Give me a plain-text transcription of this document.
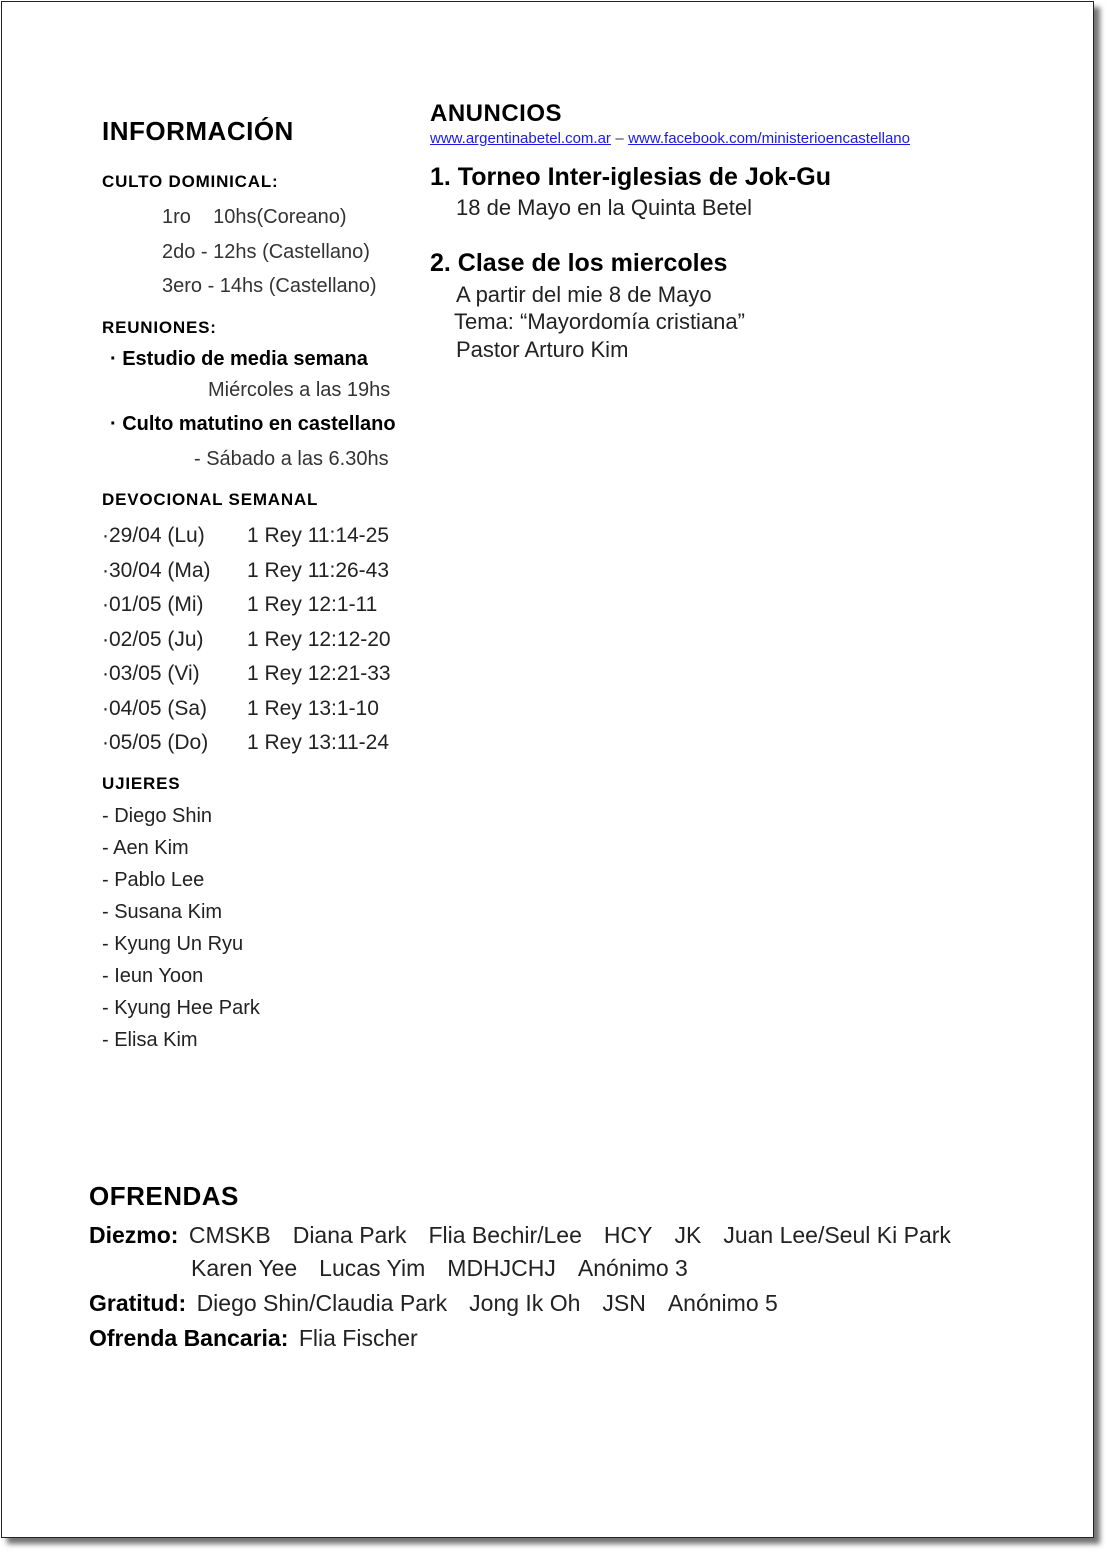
INFORMACIÓN
CULTO DOMINICAL:
1ro    10hs(Coreano)
2do - 12hs (Castellano)
3ero - 14hs (Castellano)
REUNIONES:
· Estudio de media semana
Miércoles a las 19hs
· Culto matutino en castellano
- Sábado a las 6.30hs
DEVOCIONAL SEMANAL
·29/04 (Lu) 1 Rey 11:14-25
·30/04 (Ma) 1 Rey 11:26-43
·01/05 (Mi) 1 Rey 12:1-11
·02/05 (Ju) 1 Rey 12:12-20
·03/05 (Vi) 1 Rey 12:21-33
·04/05 (Sa) 1 Rey 13:1-10
·05/05 (Do) 1 Rey 13:11-24
UJIERES
- Diego Shin
- Aen Kim
- Pablo Lee
- Susana Kim
- Kyung Un Ryu
- Ieun Yoon
- Kyung Hee Park
- Elisa Kim
ANUNCIOS
www.argentinabetel.com.ar – www.facebook.com/ministerioencastellano
1. Torneo Inter-iglesias de Jok-Gu
18 de Mayo en la Quinta Betel
2. Clase de los miercoles
A partir del mie 8 de Mayo
Tema: “Mayordomía cristiana”
Pastor Arturo Kim
OFRENDAS
Diezmo: CMSKB Diana Park Flia Bechir/Lee HCY JK Juan Lee/Seul Ki Park
Karen Yee Lucas Yim MDHJCHJ Anónimo 3
Gratitud: Diego Shin/Claudia Park Jong Ik Oh JSN Anónimo 5
Ofrenda Bancaria: Flia Fischer
